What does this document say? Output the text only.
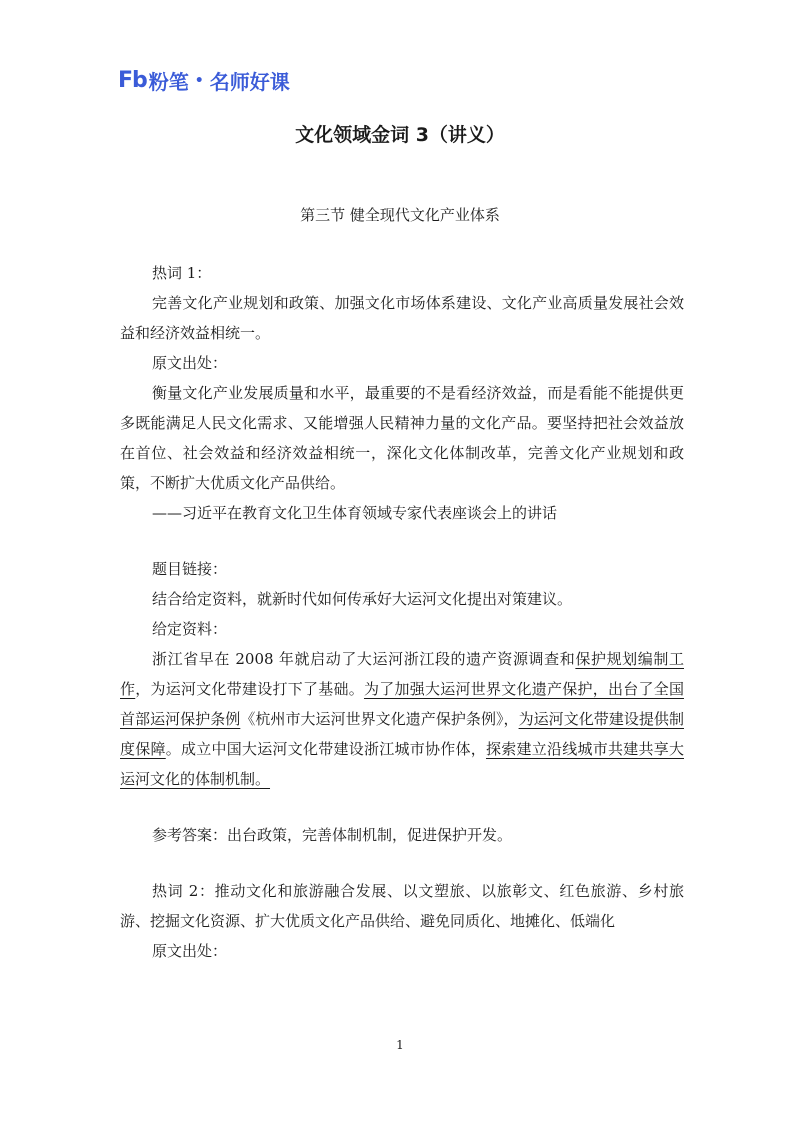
Fb 粉笔 • 名师好课
文化领域金词 3（讲义）
第三节 健全现代文化产业体系

热词 1：

完善文化产业规划和政策、加强文化市场体系建设、文化产业高质量发展社会效益和经济效益相统一。

原文出处：

衡量文化产业发展质量和水平，最重要的不是看经济效益，而是看能不能提供更多既能满足人民文化需求、又能增强人民精神力量的文化产品。要坚持把社会效益放在首位、社会效益和经济效益相统一，深化文化体制改革，完善文化产业规划和政策，不断扩大优质文化产品供给。

——习近平在教育文化卫生体育领域专家代表座谈会上的讲话

题目链接：

结合给定资料，就新时代如何传承好大运河文化提出对策建议。

给定资料：

浙江省早在 2008 年就启动了大运河浙江段的遗产资源调查和保护规划编制工作，为运河文化带建设打下了基础。为了加强大运河世界文化遗产保护，出台了全国首部运河保护条例《杭州市大运河世界文化遗产保护条例》，为运河文化带建设提供制度保障。成立中国大运河文化带建设浙江城市协作体，探索建立沿线城市共建共享大运河文化的体制机制。

参考答案：出台政策，完善体制机制，促进保护开发。

热词 2：推动文化和旅游融合发展、以文塑旅、以旅彰文、红色旅游、乡村旅游、挖掘文化资源、扩大优质文化产品供给、避免同质化、地摊化、低端化

原文出处：

1
